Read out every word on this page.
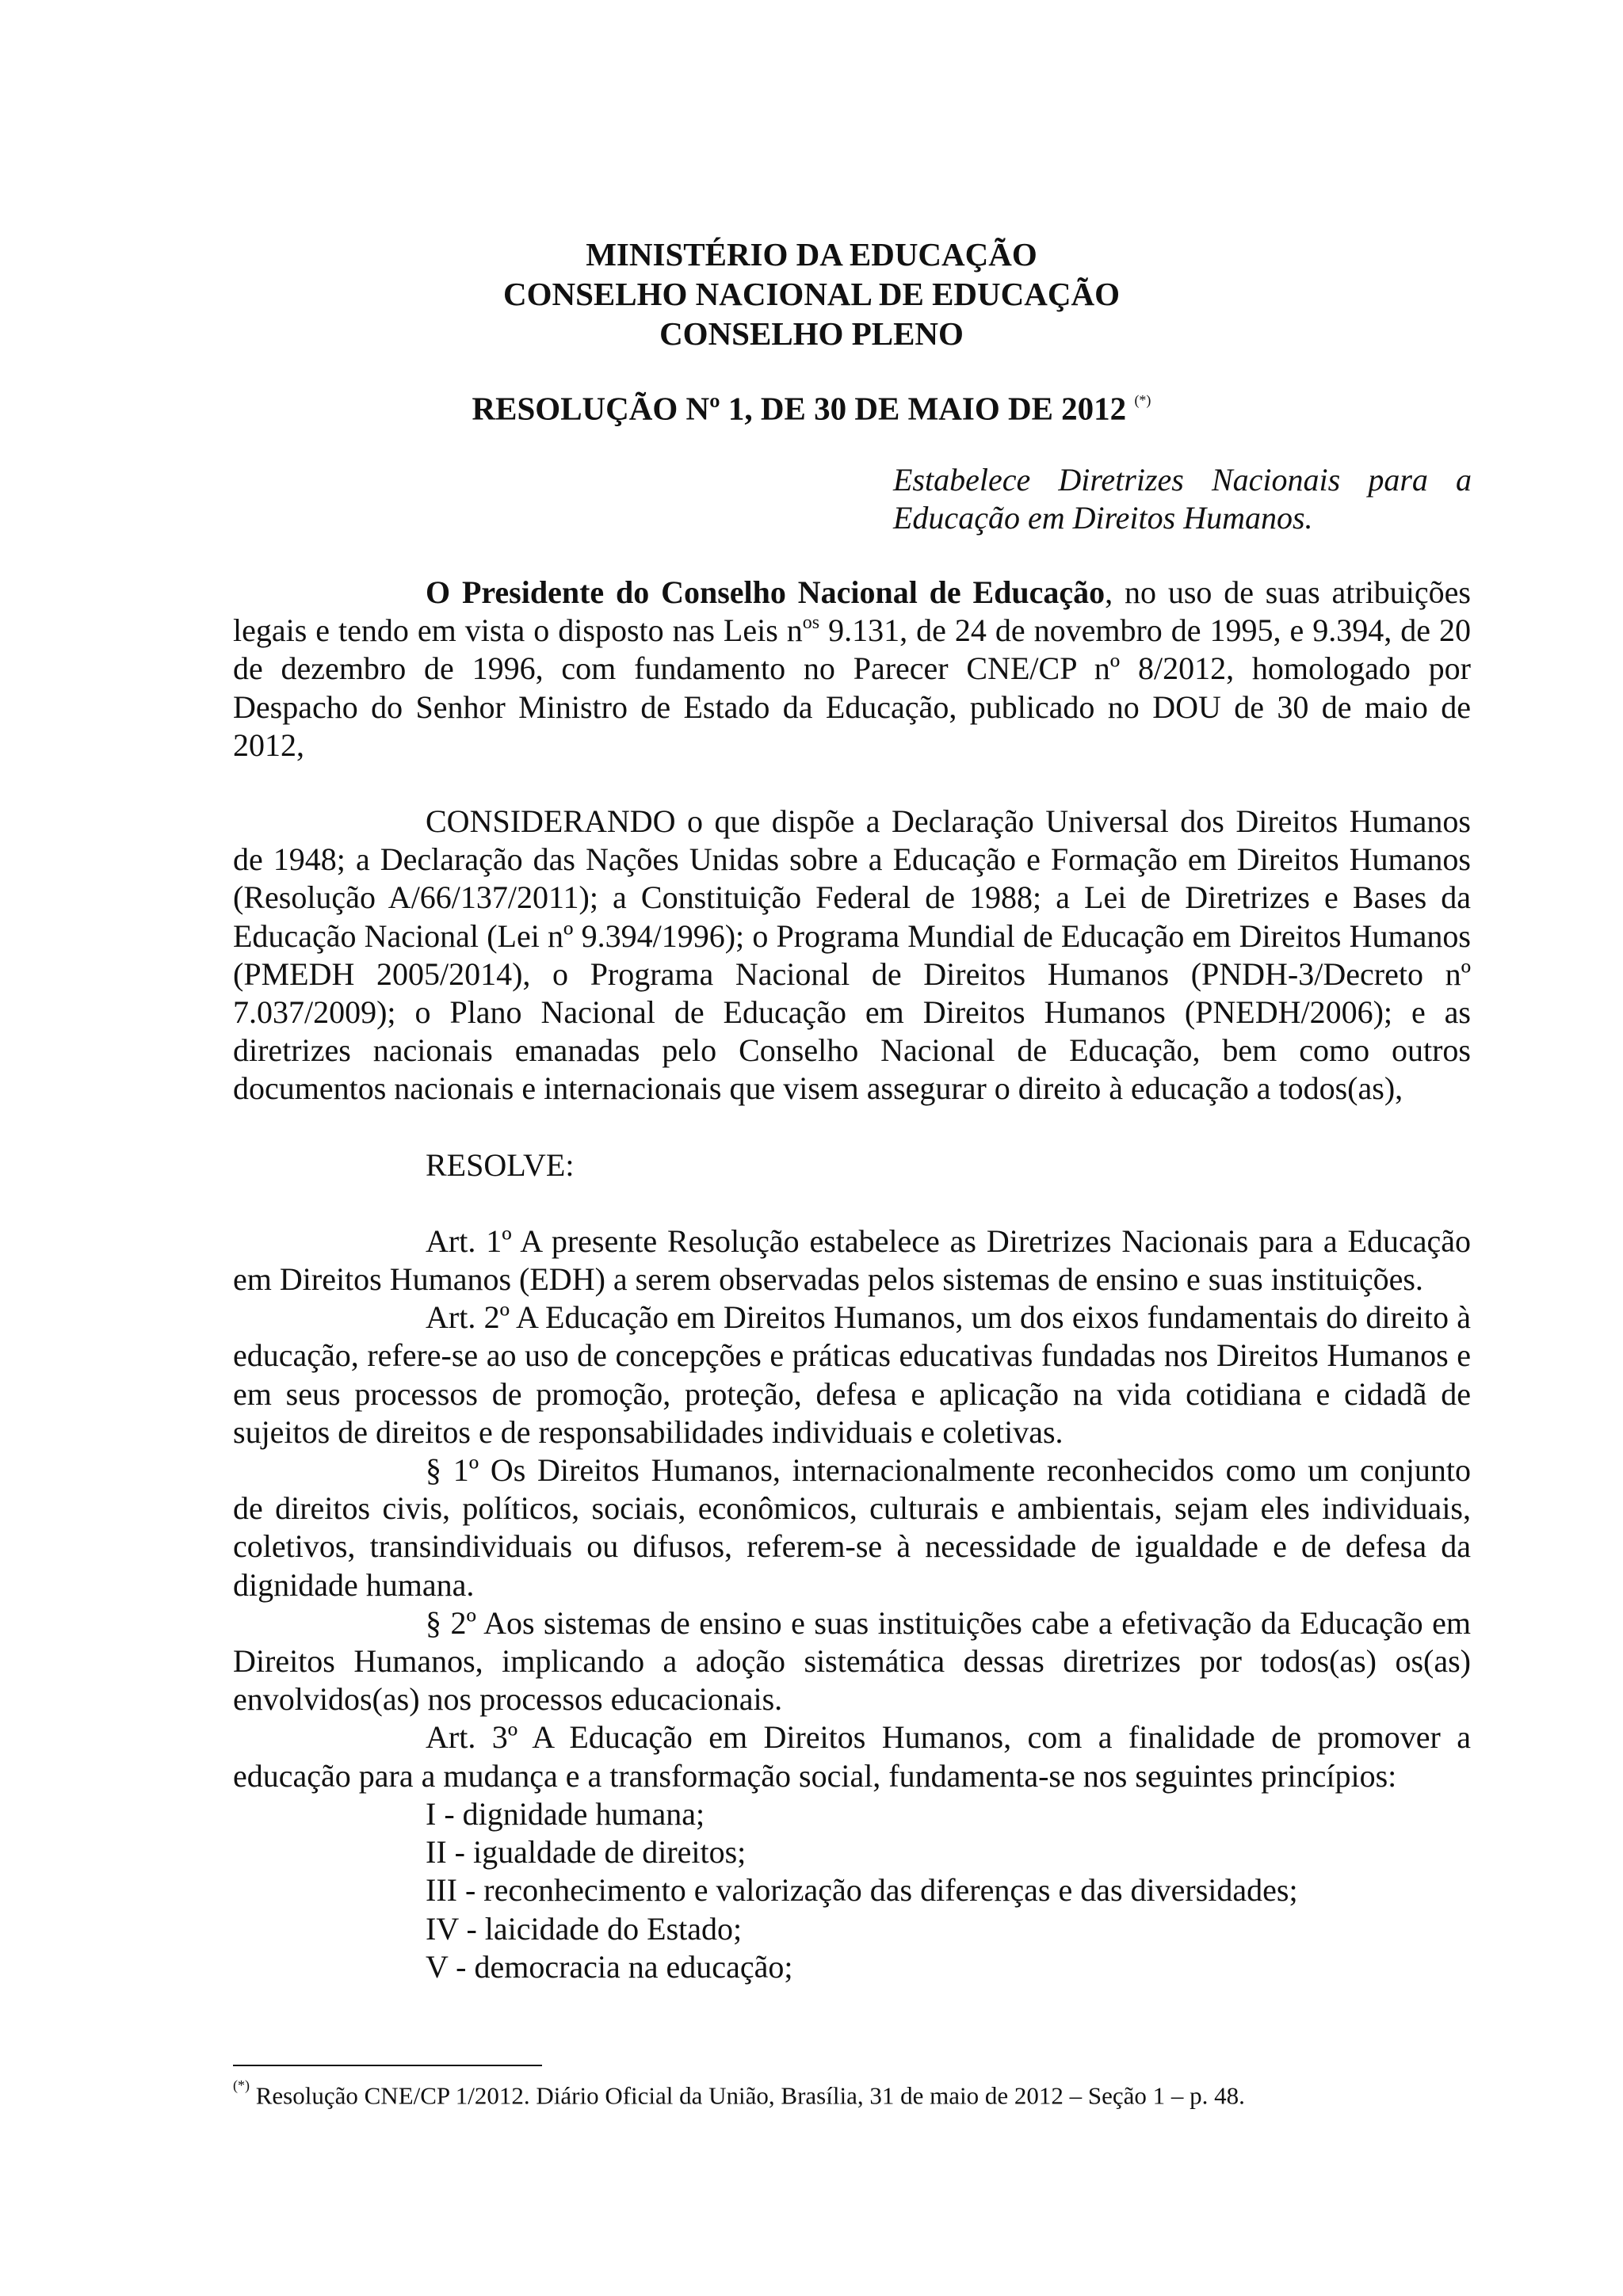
MINISTÉRIO DA EDUCAÇÃO
CONSELHO NACIONAL DE EDUCAÇÃO
CONSELHO PLENO
RESOLUÇÃO Nº 1, DE 30 DE MAIO DE 2012 (*)
Estabelece Diretrizes Nacionais para a Educação em Direitos Humanos.

O Presidente do Conselho Nacional de Educação, no uso de suas atribuições legais e tendo em vista o disposto nas Leis $n^{os}$ 9.131, de 24 de novembro de 1995, e 9.394, de 20 de dezembro de 1996, com fundamento no Parecer CNE/CP nº 8/2012, homologado por Despacho do Senhor Ministro de Estado da Educação, publicado no DOU de 30 de maio de 2012,

CONSIDERANDO o que dispõe a Declaração Universal dos Direitos Humanos de 1948; a Declaração das Nações Unidas sobre a Educação e Formação em Direitos Humanos (Resolução A/66/137/2011); a Constituição Federal de 1988; a Lei de Diretrizes e Bases da Educação Nacional (Lei nº 9.394/1996); o Programa Mundial de Educação em Direitos Humanos (PMEDH 2005/2014), o Programa Nacional de Direitos Humanos (PNDH-3/Decreto nº 7.037/2009); o Plano Nacional de Educação em Direitos Humanos (PNEDH/2006); e as diretrizes nacionais emanadas pelo Conselho Nacional de Educação, bem como outros documentos nacionais e internacionais que visem assegurar o direito à educação a todos(as),

RESOLVE:

Art. 1º A presente Resolução estabelece as Diretrizes Nacionais para a Educação em Direitos Humanos (EDH) a serem observadas pelos sistemas de ensino e suas instituições.

Art. 2º A Educação em Direitos Humanos, um dos eixos fundamentais do direito à educação, refere-se ao uso de concepções e práticas educativas fundadas nos Direitos Humanos e em seus processos de promoção, proteção, defesa e aplicação na vida cotidiana e cidadã de sujeitos de direitos e de responsabilidades individuais e coletivas.

§ 1º Os Direitos Humanos, internacionalmente reconhecidos como um conjunto de direitos civis, políticos, sociais, econômicos, culturais e ambientais, sejam eles individuais, coletivos, transindividuais ou difusos, referem-se à necessidade de igualdade e de defesa da dignidade humana.

§ 2º Aos sistemas de ensino e suas instituições cabe a efetivação da Educação em Direitos Humanos, implicando a adoção sistemática dessas diretrizes por todos(as) os(as) envolvidos(as) nos processos educacionais.

Art. 3º A Educação em Direitos Humanos, com a finalidade de promover a educação para a mudança e a transformação social, fundamenta-se nos seguintes princípios:

I - dignidade humana;

II - igualdade de direitos;

III - reconhecimento e valorização das diferenças e das diversidades;

IV - laicidade do Estado;

V - democracia na educação;

(*) Resolução CNE/CP 1/2012. Diário Oficial da União, Brasília, 31 de maio de 2012 – Seção 1 – p. 48.
